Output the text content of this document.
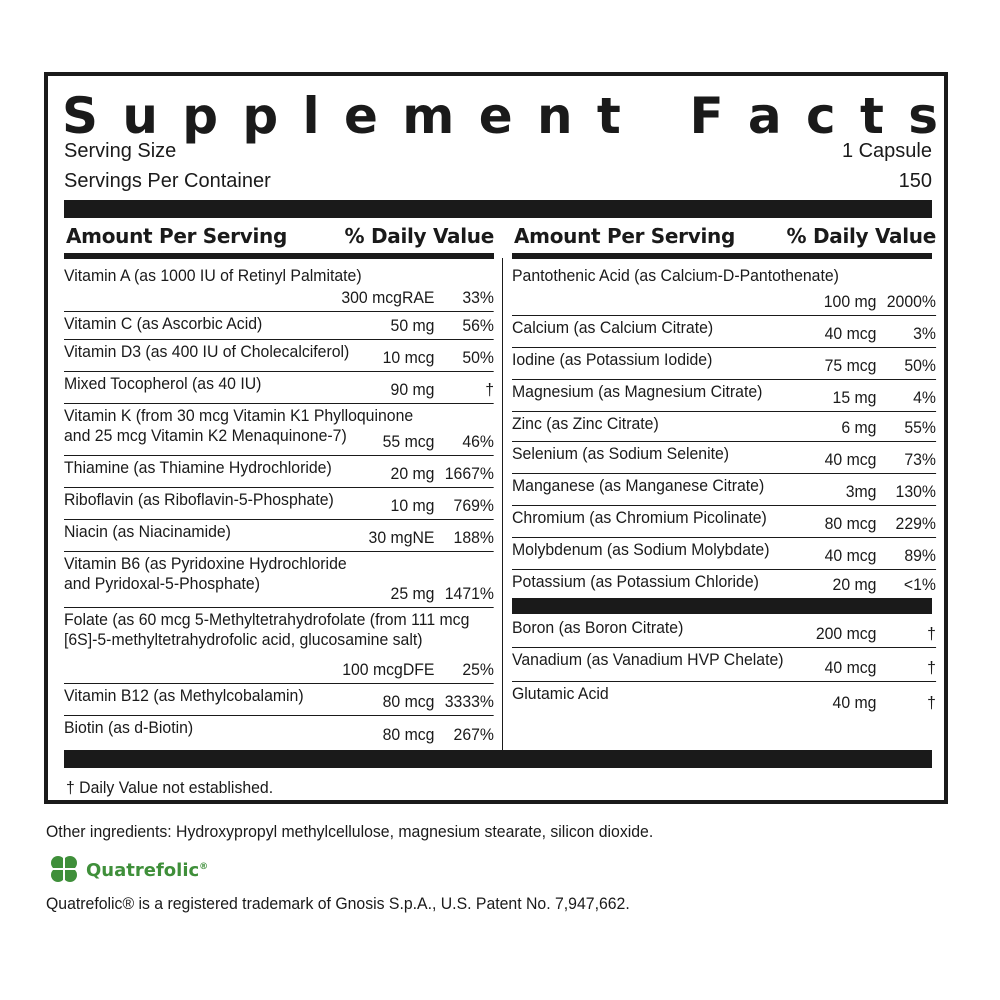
S u p p l e m e n t F a c t s
Serving Size	1 Capsule
Servings Per Container	150
Amount Per Serving	% Daily Value Amount Per Serving	% Daily Value
Vitamin A (as 1000 IU of Retinyl Palmitate)
300 mcgRAE 33%
Vitamin C (as Ascorbic Acid)	50 mg 56%
Vitamin D3 (as 400 IU of Cholecalciferol) 10 mcg 50%
Mixed Tocopherol (as 40 IU)	90 mg	†
Vitamin K (from 30 mcg Vitamin K1 Phylloquinone
and 25 mcg Vitamin K2 Menaquinone-7)	55 mcg 46%
Thiamine (as Thiamine Hydrochloride)	20 mg 1667%
Riboflavin (as Riboflavin-5-Phosphate)	10 mg 769%
Niacin (as Niacinamide)	30 mgNE 188%
Vitamin B6 (as Pyridoxine Hydrochloride
and Pyridoxal-5-Phosphate)
25 mg 1471%
Folate (as 60 mcg 5-Methyltetrahydrofolate (from 111 mcg
[6S]-5-methyltetrahydrofolic acid, glucosamine salt)
100 mcgDFE 25%
Vitamin B12 (as Methylcobalamin)	80 mcg 3333%
Biotin (as d-Biotin)	80 mcg 267%
Pantothenic Acid (as Calcium-D-Pantothenate)
100 mg 2000%
Calcium (as Calcium Citrate)	40 mcg 3%
Iodine (as Potassium Iodide)	75 mcg 50%
Magnesium (as Magnesium Citrate)	15 mg 4%
Zinc (as Zinc Citrate)	6 mg 55%
Selenium (as Sodium Selenite)	40 mcg 73%
Manganese (as Manganese Citrate)	3mg 130%
Chromium (as Chromium Picolinate)	80 mcg 229%
Molybdenum (as Sodium Molybdate)	40 mcg 89%
Potassium (as Potassium Chloride)	20 mg <1%
Boron (as Boron Citrate)	200 mcg	†
Vanadium (as Vanadium HVP Chelate) 40 mcg	†
Glutamic Acid	40 mg	†
† Daily Value not established.
Other ingredients: Hydroxypropyl methylcellulose, magnesium stearate, silicon dioxide.
Quatrefolic®
Quatrefolic® is a registered trademark of Gnosis S.p.A., U.S. Patent No. 7,947,662.
